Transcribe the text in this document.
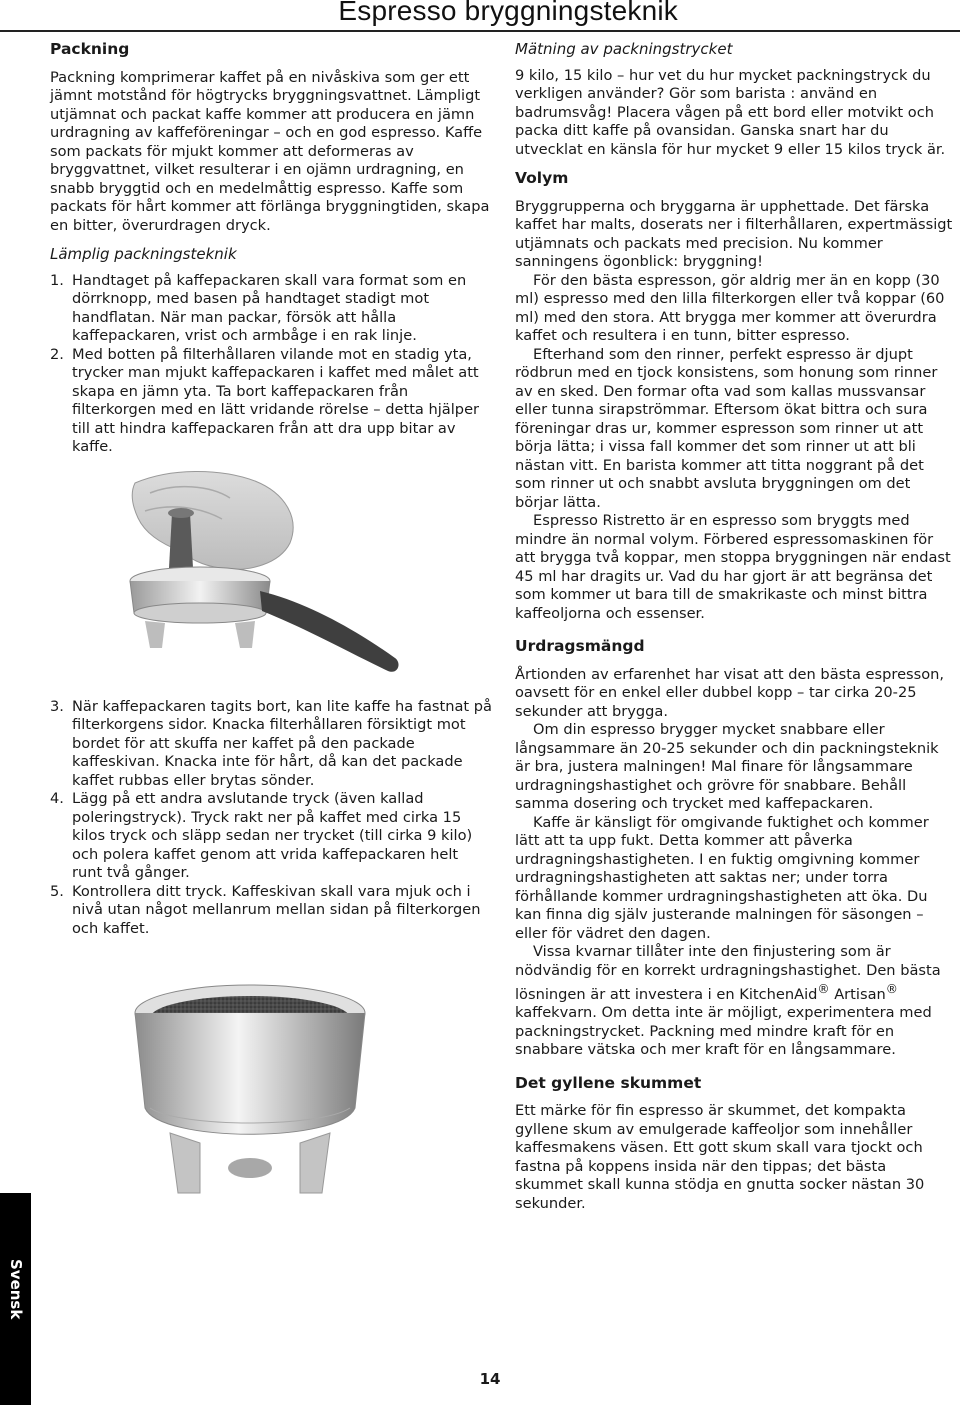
Espresso bryggningsteknik
Packning

Packning komprimerar kaffet på en nivåskiva som ger ett jämnt motstånd för högtrycks bryggningsvattnet. Lämpligt utjämnat och packat kaffe kommer att producera en jämn urdragning av kaffeföreningar – och en god espresso. Kaffe som packats för mjukt kommer att deformeras av bryggvattnet, vilket resulterar i en ojämn urdragning, en snabb bryggtid och en medelmåttig espresso. Kaffe som packats för hårt kommer att förlänga bryggningtiden, skapa en bitter, överurdragen dryck.

Lämplig packningsteknik
1. Handtaget på kaffepackaren skall vara format som en dörrknopp, med basen på handtaget stadigt mot handflatan. När man packar, försök att hålla kaffepackaren, vrist och armbåge i en rak linje.
2. Med botten på filterhållaren vilande mot en stadig yta, trycker man mjukt kaffepackaren i kaffet med målet att skapa en jämn yta. Ta bort kaffepackaren från filterkorgen med en lätt vridande rörelse – detta hjälper till att hindra kaffepackaren från att dra upp bitar av kaffe.
3. När kaffepackaren tagits bort, kan lite kaffe ha fastnat på filterkorgens sidor. Knacka filterhållaren försiktigt mot bordet för att skuffa ner kaffet på den packade kaffeskivan. Knacka inte för hårt, då kan det packade kaffet rubbas eller brytas sönder.
4. Lägg på ett andra avslutande tryck (även kallad poleringstryck). Tryck rakt ner på kaffet med cirka 15 kilos tryck och släpp sedan ner trycket (till cirka 9 kilo) och polera kaffet genom att vrida kaffepackaren helt runt två gånger.
5. Kontrollera ditt tryck. Kaffeskivan skall vara mjuk och i nivå utan något mellanrum mellan sidan på filterkorgen och kaffet.
Mätning av packningstrycket

9 kilo, 15 kilo – hur vet du hur mycket packningstryck du verkligen använder? Gör som barista : använd en badrumsvåg! Placera vågen på ett bord eller motvikt och packa ditt kaffe på ovansidan. Ganska snart har du utvecklat en känsla för hur mycket 9 eller 15 kilos tryck är.

Volym

Bryggrupperna och bryggarna är upphettade. Det färska kaffet har malts, doserats ner i filterhållaren, expertmässigt utjämnats och packats med precision. Nu kommer sanningens ögonblick: bryggning!

För den bästa espresson, gör aldrig mer än en kopp (30 ml) espresso med den lilla filterkorgen eller två koppar (60 ml) med den stora. Att brygga mer kommer att överurdra kaffet och resultera i en tunn, bitter espresso.

Efterhand som den rinner, perfekt espresso är djupt rödbrun med en tjock konsistens, som honung som rinner av en sked. Den formar ofta vad som kallas mussvansar eller tunna sirapströmmar. Eftersom ökat bittra och sura föreningar dras ur, kommer espresson som rinner ut att börja lätta; i vissa fall kommer det som rinner ut att bli nästan vitt. En barista kommer att titta noggrant på det som rinner ut och snabbt avsluta bryggningen om det börjar lätta.

Espresso Ristretto är en espresso som bryggts med mindre än normal volym. Förbered espressomaskinen för att brygga två koppar, men stoppa bryggningen när endast 45 ml har dragits ur. Vad du har gjort är att begränsa det som kommer ut bara till de smakrikaste och minst bittra kaffeoljorna och essenser.

Urdragsmängd

Årtionden av erfarenhet har visat att den bästa espresson, oavsett för en enkel eller dubbel kopp – tar cirka 20-25 sekunder att brygga.

Om din espresso brygger mycket snabbare eller långsammare än 20-25 sekunder och din packningsteknik är bra, justera malningen! Mal finare för långsammare urdragningshastighet och grövre för snabbare. Behåll samma dosering och trycket med kaffepackaren.

Kaffe är känsligt för omgivande fuktighet och kommer lätt att ta upp fukt. Detta kommer att påverka urdragningshastigheten. I en fuktig omgivning kommer urdragningshastigheten att saktas ner; under torra förhållande kommer urdragningshastigheten att öka. Du kan finna dig själv justerande malningen för säsongen – eller för vädret den dagen.

Vissa kvarnar tillåter inte den finjustering som är nödvändig för en korrekt urdragningshastighet. Den bästa lösningen är att investera i en KitchenAid® Artisan® kaffekvarn. Om detta inte är möjligt, experimentera med packningstrycket. Packning med mindre kraft för en snabbare vätska och mer kraft för en långsammare.

Det gyllene skummet

Ett märke för fin espresso är skummet, det kompakta gyllene skum av emulgerade kaffeoljor som innehåller kaffesmakens väsen. Ett gott skum skall vara tjockt och fastna på koppens insida när den tippas; det bästa skummet skall kunna stödja en gnutta socker nästan 30 sekunder.

Svensk
14
